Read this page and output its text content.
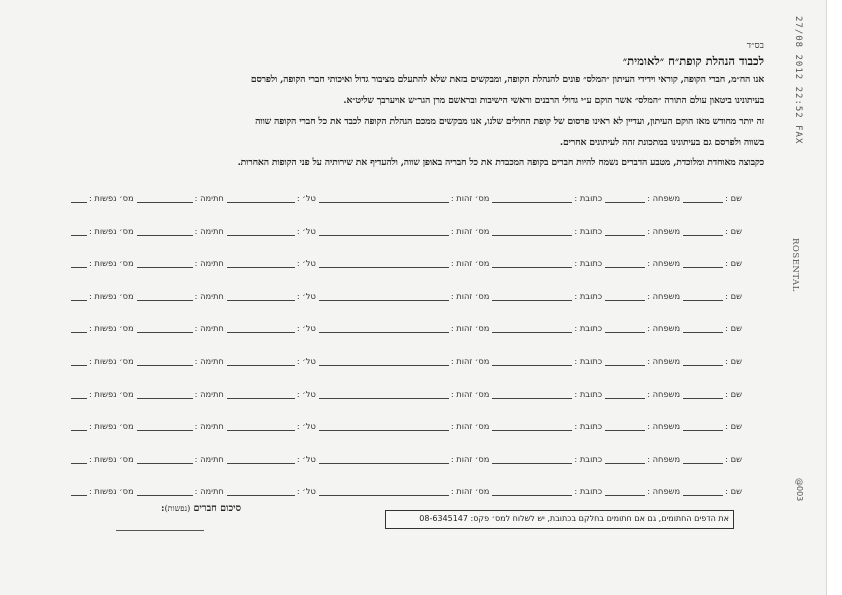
27/08 2012 22:52 FAX
ROSENTAL
@003
בס״ד
לכבוד הנהלת קופת״ח ״לאומית״
אנו הח״מ, חברי הקופה, קוראי וידידי העיתון ״המלס״ פונים להנהלת הקופה, ומבקשים בזאת שלא להתעלם מציבור גדול ואיכותי חברי הקופה, ולפרסם
בעיתונינו ביטאון עולם התורה ״המלס״ אשר הוקם ע״י גדולי הרבנים וראשי הישיבות ובראשם מרן הגר״ש אויערבך שליט״א.
זה יותר מחודש מאז הוקם העיתון, ועדיין לא ראינו פרסום של קופת החולים שלנו, אנו מבקשים ממכם הנהלת הקופה לכבד את כל חברי הקופה שווה
בשווה ולפרסם גם בעיתונינו במתכונת זהה לעיתונים אחרים.
כקבוצה מאוחדת ומלוכדת, מטבע הדברים נשמח להיות חברים בקופה המכבדת את כל חבריה באופן שווה, ולהעדיף את שירותיה על פני הקופות האחרות.
שם :
משפחה :
כתובת :
מס׳ זהות :
טל׳ :
חתימה :
מס׳ נפשות :
שם :
משפחה :
כתובת :
מס׳ זהות :
טל׳ :
חתימה :
מס׳ נפשות :
שם :
משפחה :
כתובת :
מס׳ זהות :
טל׳ :
חתימה :
מס׳ נפשות :
שם :
משפחה :
כתובת :
מס׳ זהות :
טל׳ :
חתימה :
מס׳ נפשות :
שם :
משפחה :
כתובת :
מס׳ זהות :
טל׳ :
חתימה :
מס׳ נפשות :
שם :
משפחה :
כתובת :
מס׳ זהות :
טל׳ :
חתימה :
מס׳ נפשות :
שם :
משפחה :
כתובת :
מס׳ זהות :
טל׳ :
חתימה :
מס׳ נפשות :
שם :
משפחה :
כתובת :
מס׳ זהות :
טל׳ :
חתימה :
מס׳ נפשות :
שם :
משפחה :
כתובת :
מס׳ זהות :
טל׳ :
חתימה :
מס׳ נפשות :
שם :
משפחה :
כתובת :
מס׳ זהות :
טל׳ :
חתימה :
מס׳ נפשות :
סיכום חברים (נפשות):
את הדפים החתומים, גם אם חתומים בחלקם בכתובת, יש לשלוח למס׳ פקס: 08-6345147
